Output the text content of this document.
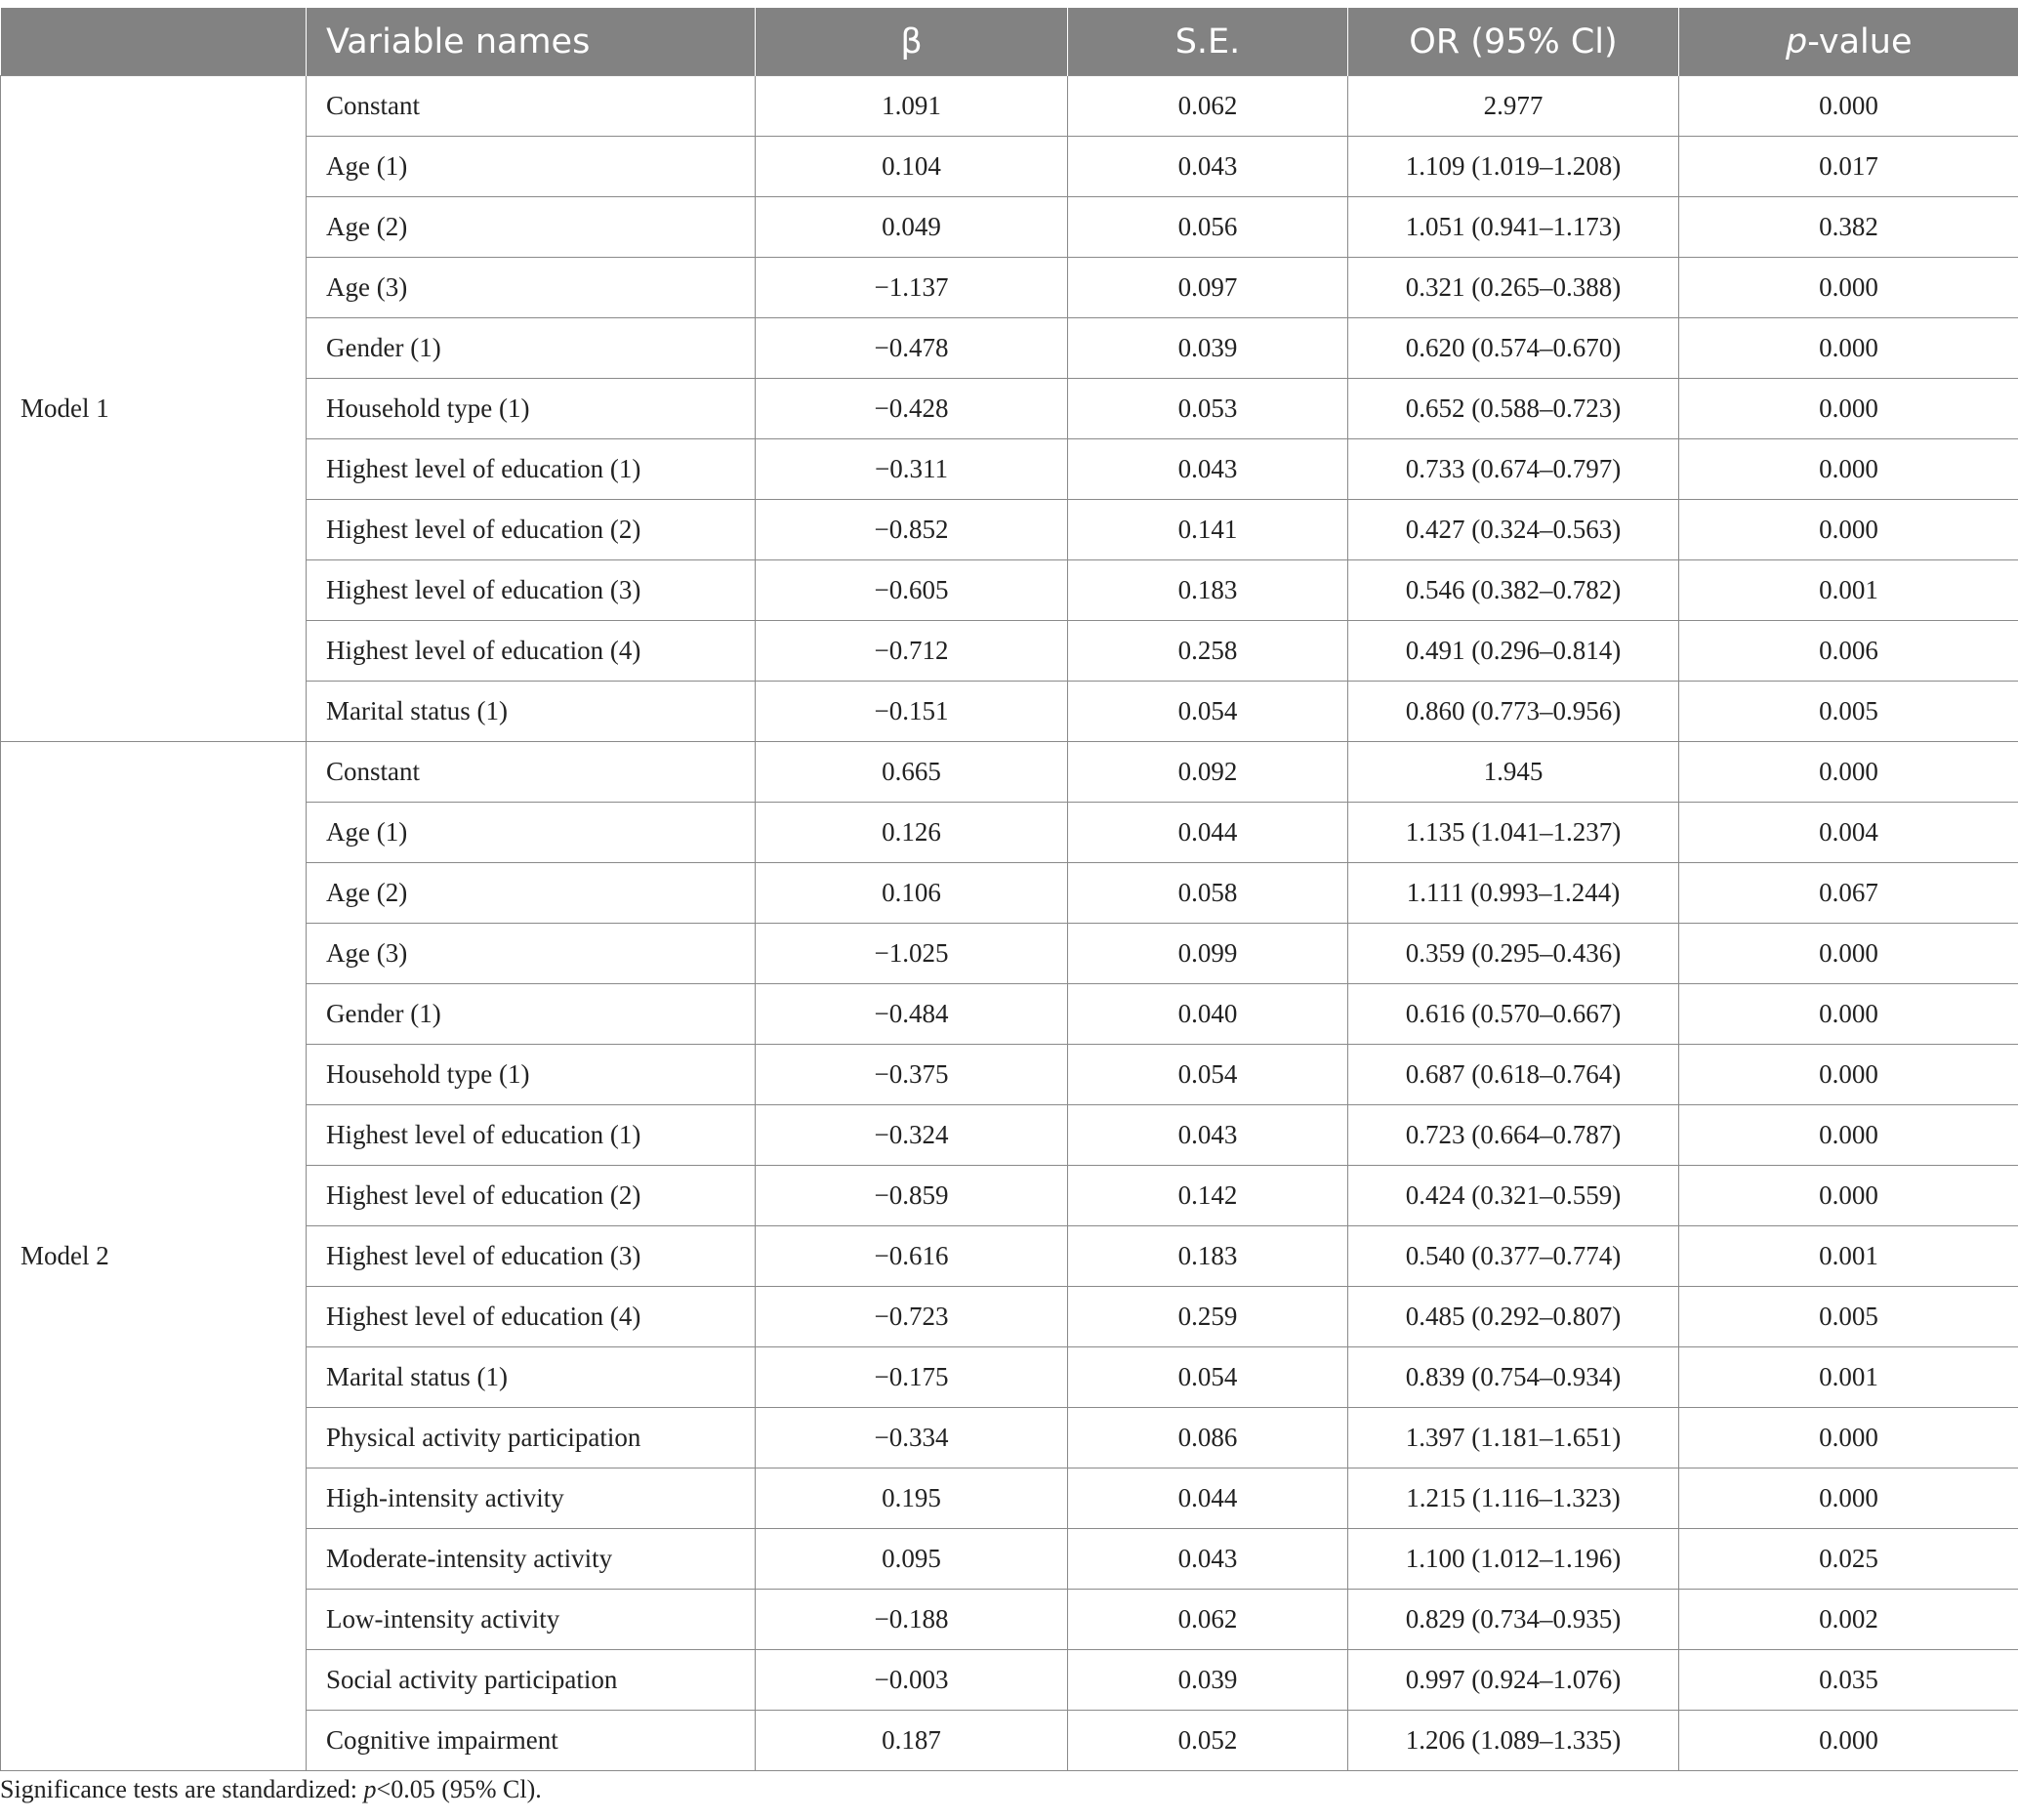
	Variable names	β	S.E.	OR (95% Cl)	p-value
Model 1	Constant	1.091	0.062	2.977	0.000
	Age (1)	0.104	0.043	1.109 (1.019–1.208)	0.017
	Age (2)	0.049	0.056	1.051 (0.941–1.173)	0.382
	Age (3)	−1.137	0.097	0.321 (0.265–0.388)	0.000
	Gender (1)	−0.478	0.039	0.620 (0.574–0.670)	0.000
	Household type (1)	−0.428	0.053	0.652 (0.588–0.723)	0.000
	Highest level of education (1)	−0.311	0.043	0.733 (0.674–0.797)	0.000
	Highest level of education (2)	−0.852	0.141	0.427 (0.324–0.563)	0.000
	Highest level of education (3)	−0.605	0.183	0.546 (0.382–0.782)	0.001
	Highest level of education (4)	−0.712	0.258	0.491 (0.296–0.814)	0.006
	Marital status (1)	−0.151	0.054	0.860 (0.773–0.956)	0.005
Model 2	Constant	0.665	0.092	1.945	0.000
	Age (1)	0.126	0.044	1.135 (1.041–1.237)	0.004
	Age (2)	0.106	0.058	1.111 (0.993–1.244)	0.067
	Age (3)	−1.025	0.099	0.359 (0.295–0.436)	0.000
	Gender (1)	−0.484	0.040	0.616 (0.570–0.667)	0.000
	Household type (1)	−0.375	0.054	0.687 (0.618–0.764)	0.000
	Highest level of education (1)	−0.324	0.043	0.723 (0.664–0.787)	0.000
	Highest level of education (2)	−0.859	0.142	0.424 (0.321–0.559)	0.000
	Highest level of education (3)	−0.616	0.183	0.540 (0.377–0.774)	0.001
	Highest level of education (4)	−0.723	0.259	0.485 (0.292–0.807)	0.005
	Marital status (1)	−0.175	0.054	0.839 (0.754–0.934)	0.001
	Physical activity participation	−0.334	0.086	1.397 (1.181–1.651)	0.000
	High-intensity activity	0.195	0.044	1.215 (1.116–1.323)	0.000
	Moderate-intensity activity	0.095	0.043	1.100 (1.012–1.196)	0.025
	Low-intensity activity	−0.188	0.062	0.829 (0.734–0.935)	0.002
	Social activity participation	−0.003	0.039	0.997 (0.924–1.076)	0.035
	Cognitive impairment	0.187	0.052	1.206 (1.089–1.335)	0.000
Significance tests are standardized: p<0.05 (95% Cl).
